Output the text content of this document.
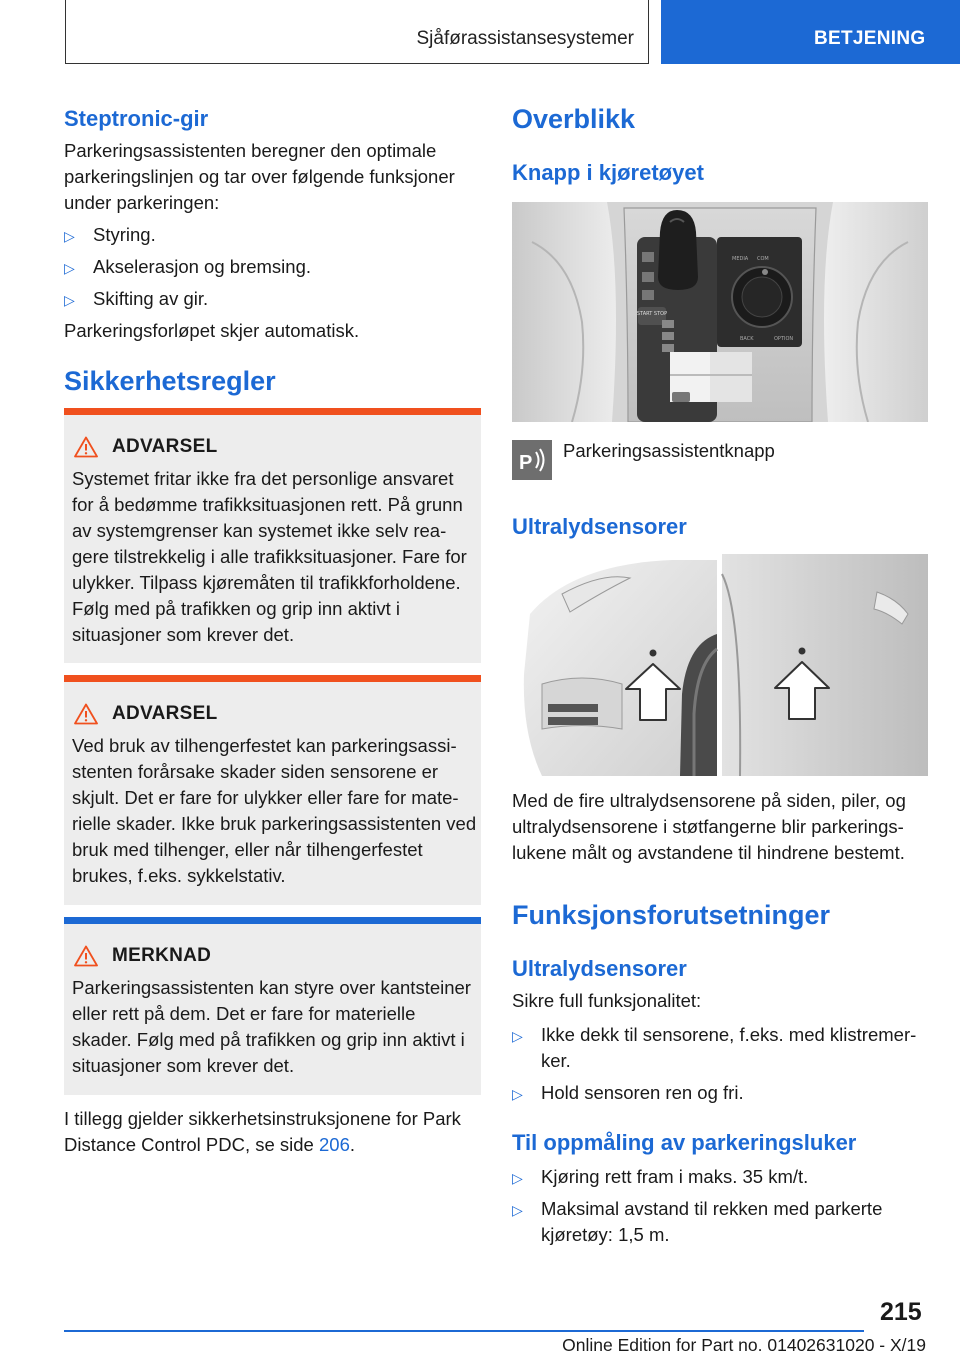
Sjåførassistansesystemer	BETJENING
Steptronic-gir
Parkeringsassistenten beregner den optimale parkeringslinjen og tar over følgende funksjoner under parkeringen:
▷ Styring.
▷ Akselerasjon og bremsing.
▷ Skifting av gir.
Parkeringsforløpet skjer automatisk.
Sikkerhetsregler
ADVARSEL
Systemet fritar ikke fra det personlige ansvaret for å bedømme trafikksituasjonen rett. På grunn av systemgrenser kan systemet ikke selv reagere tilstrekkelig i alle trafikksituasjoner. Fare for ulykker. Tilpass kjøremåten til trafikkforholdene. Følg med på trafikken og grip inn aktivt i situasjoner som krever det.
ADVARSEL
Ved bruk av tilhengerfestet kan parkeringsassistenten forårsake skader siden sensorene er skjult. Det er fare for ulykker eller fare for materielle skader. Ikke bruk parkeringsassistenten ved bruk med tilhenger, eller når tilhengerfestet brukes, f.eks. sykkelstativ.
MERKNAD
Parkeringsassistenten kan styre over kantsteiner eller rett på dem. Det er fare for materielle skader. Følg med på trafikken og grip inn aktivt i situasjoner som krever det.
I tillegg gjelder sikkerhetsinstruksjonene for Park Distance Control PDC, se side 206.
Overblikk
Knapp i kjøretøyet
START STOP
MEDIA COM
BACK	OPTION
P
Parkeringsassistentknapp
Ultralydsensorer
Med de fire ultralydsensorene på siden, piler, og ultralydsensorene i støtfangerne blir parkeringslukene målt og avstandene til hindrene bestemt.
Funksjonsforutsetninger
Ultralydsensorer
Sikre full funksjonalitet:
▷ Ikke dekk til sensorene, f.eks. med klistremerker.
▷ Hold sensoren ren og fri.
Til oppmåling av parkeringsluker
▷ Kjøring rett fram i maks. 35 km/t.
▷ Maksimal avstand til rekken med parkerte kjøretøy: 1,5 m.
215
Online Edition for Part no. 01402631020 - X/19
